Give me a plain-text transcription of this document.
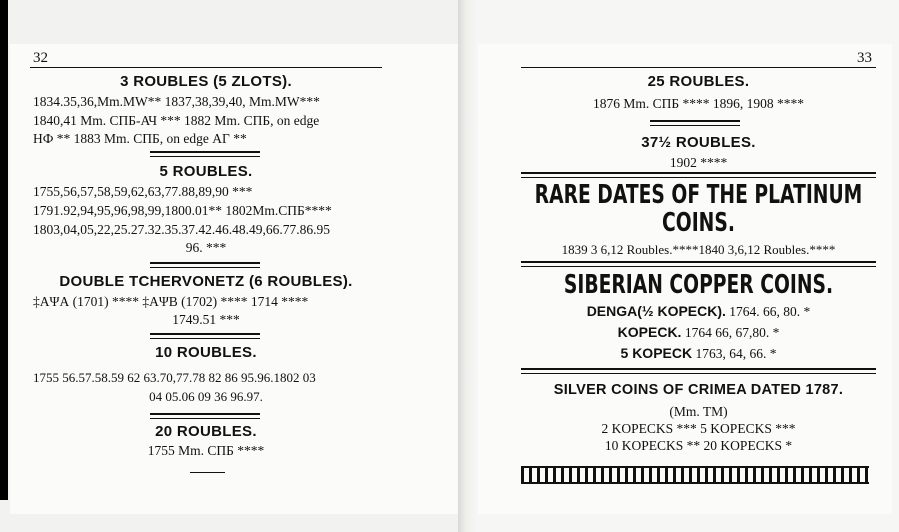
32
3 ROUBLES (5 ZLOTS).
1834.35,36,Mm.MW** 1837,38,39,40, Mm.MW***
1840,41 Mm. СПБ-АЧ *** 1882 Mm. СПБ, on edge
НФ ** 1883 Mm. СПБ, on edge АГ **
5 ROUBLES.
1755,56,57,58,59,62,63,77.88,89,90 ***
1791.92,94,95,96,98,99,1800.01** 1802Mm.СПБ****
1803,04,05,22,25.27.32.35.37.42.46.48.49,66.77.86.95
96. ***
DOUBLE TCHERVONETZ (6 ROUBLES).
‡АΨА (1701) **** ‡АΨВ (1702) **** 1714 ****
1749.51 ***
10 ROUBLES.
1755 56.57.58.59 62 63.70,77.78 82 86 95.96.1802 03
04 05.06 09 36 96.97.
20 ROUBLES.
1755 Mm. СПБ ****
33
25 ROUBLES.
1876 Mm. СПБ **** 1896, 1908 ****
37½ ROUBLES.
1902 ****
RARE DATES OF THE PLATINUM
COINS.
1839 3 6,12 Roubles.****1840 3,6,12 Roubles.****
SIBERIAN COPPER COINS.
DENGA(½ KOPECK). 1764. 66, 80. *
KOPECK. 1764 66, 67,80. *
5 KOPECK 1763, 64, 66. *
SILVER COINS OF CRIMEA DATED 1787.
(Mm. TM)
2 KOPECKS *** 5 KOPECKS ***
10 KOPECKS ** 20 KOPECKS *
